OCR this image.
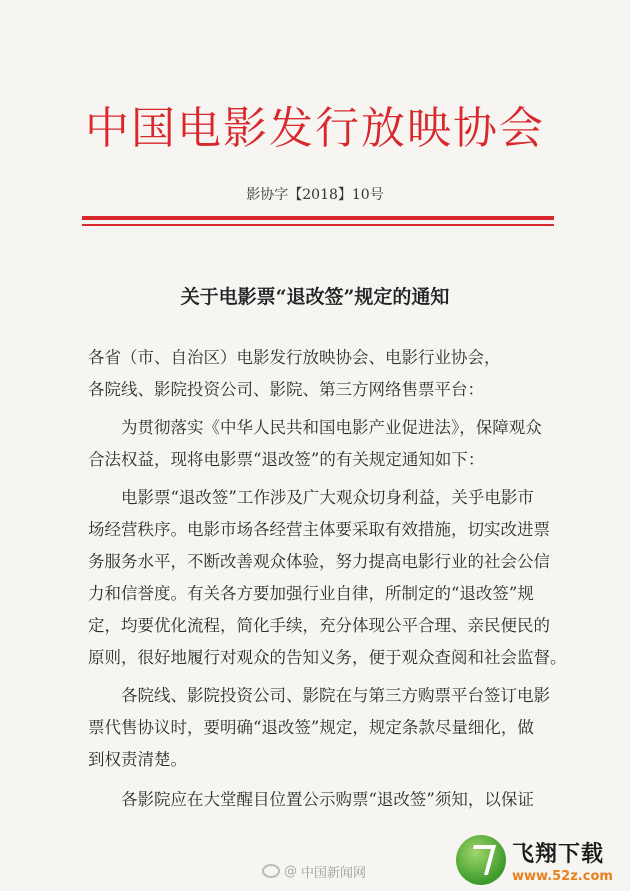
中国电影发行放映协会
影协字【2018】10号
关于电影票“退改签”规定的通知
各省（市、自治区）电影发行放映协会、电影行业协会，
各院线、影院投资公司、影院、第三方网络售票平台：
　　为贯彻落实《中华人民共和国电影产业促进法》，保障观众
合法权益，现将电影票“退改签”的有关规定通知如下：
　　电影票“退改签”工作涉及广大观众切身利益，关乎电影市
场经营秩序。电影市场各经营主体要采取有效措施，切实改进票
务服务水平，不断改善观众体验，努力提高电影行业的社会公信
力和信誉度。有关各方要加强行业自律，所制定的“退改签”规
定，均要优化流程，简化手续，充分体现公平合理、亲民便民的
原则，很好地履行对观众的告知义务，便于观众查阅和社会监督。
　　各院线、影院投资公司、影院在与第三方购票平台签订电影
票代售协议时，要明确“退改签”规定，规定条款尽量细化，做
到权责清楚。
　　各影院应在大堂醒目位置公示购票“退改签”须知，以保证
@ 中国新闻网
飞翔下载
www.52z.com
